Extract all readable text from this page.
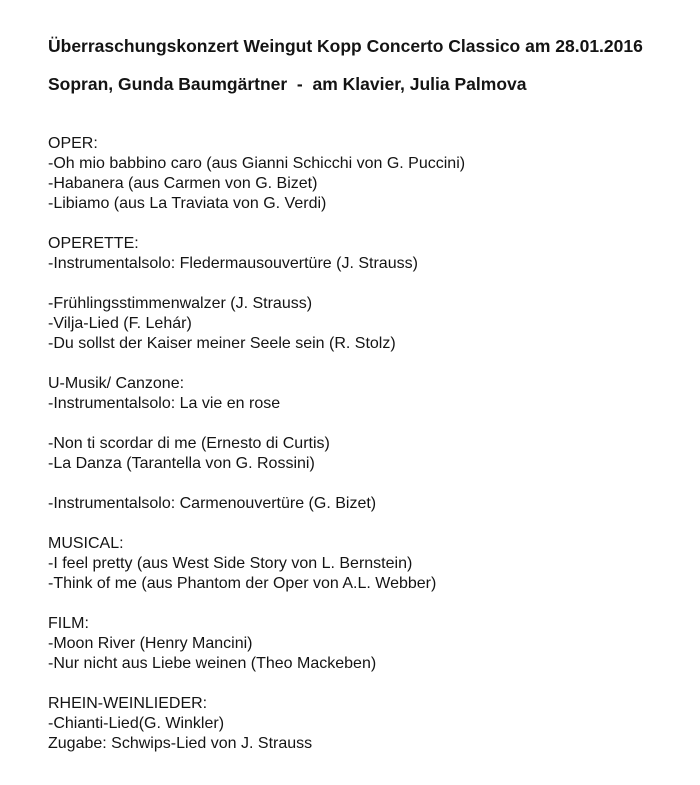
Überraschungskonzert Weingut Kopp Concerto Classico am 28.01.2016
Sopran, Gunda Baumgärtner  -  am Klavier, Julia Palmova
OPER:
-Oh mio babbino caro (aus Gianni Schicchi von G. Puccini)
-Habanera (aus Carmen von G. Bizet)
-Libiamo (aus La Traviata von G. Verdi)
OPERETTE:
-Instrumentalsolo: Fledermausouvertüre (J. Strauss)
-Frühlingsstimmenwalzer (J. Strauss)
-Vilja-Lied (F. Lehár)
-Du sollst der Kaiser meiner Seele sein (R. Stolz)
U-Musik/ Canzone:
-Instrumentalsolo: La vie en rose
-Non ti scordar di me (Ernesto di Curtis)
-La Danza (Tarantella von G. Rossini)
-Instrumentalsolo: Carmenouvertüre (G. Bizet)
MUSICAL:
-I feel pretty (aus West Side Story von L. Bernstein)
-Think of me (aus Phantom der Oper von A.L. Webber)
FILM:
-Moon River (Henry Mancini)
-Nur nicht aus Liebe weinen (Theo Mackeben)
RHEIN-WEINLIEDER:
-Chianti-Lied(G. Winkler)
Zugabe: Schwips-Lied von J. Strauss
